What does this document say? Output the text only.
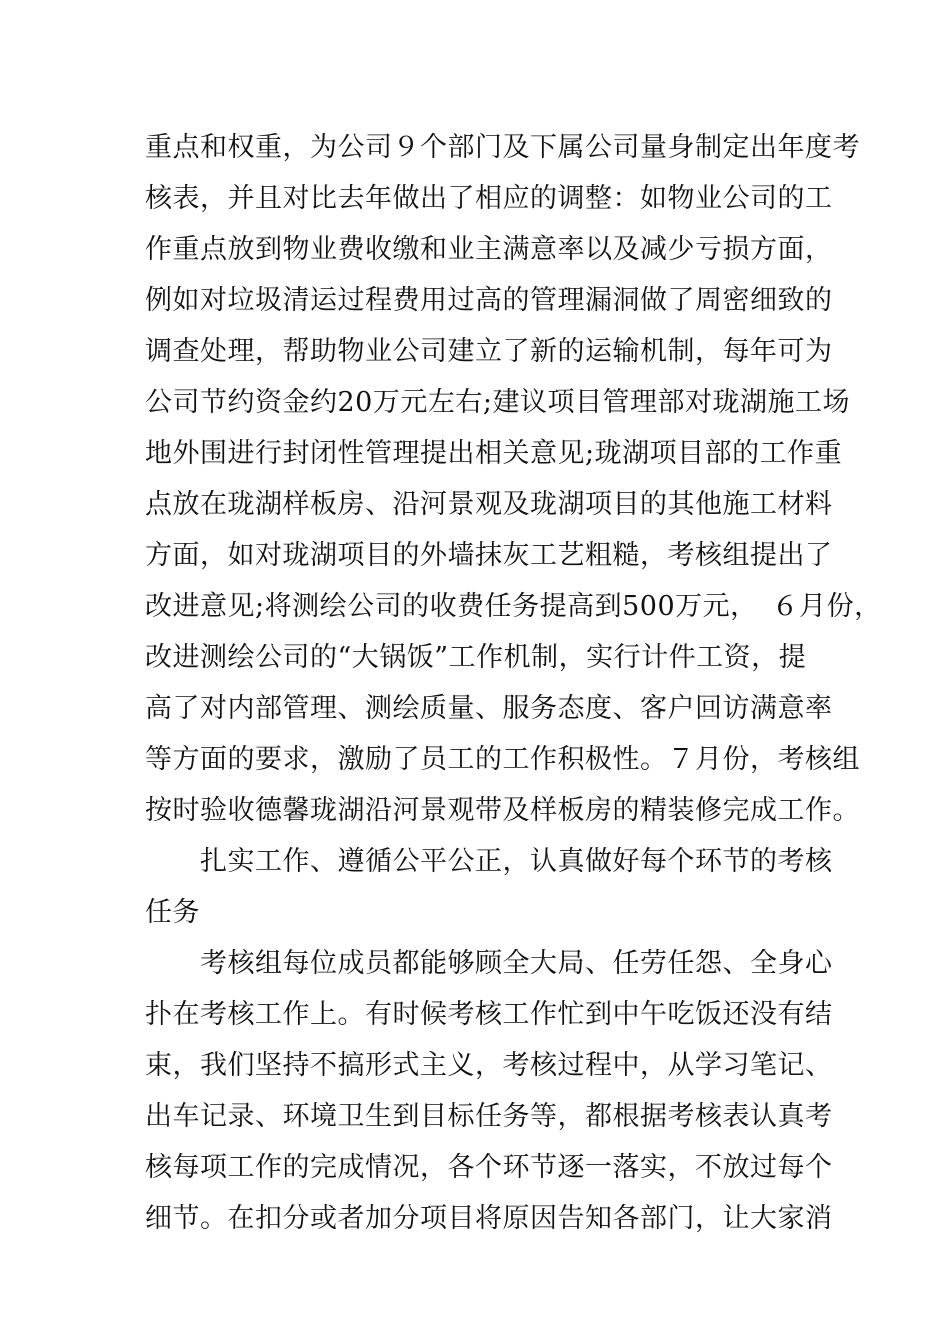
重点和权重，为公司９个部门及下属公司量身制定出年度考
核表，并且对比去年做出了相应的调整：如物业公司的工
作重点放到物业费收缴和业主满意率以及减少亏损方面，
例如对垃圾清运过程费用过高的管理漏洞做了周密细致的
调查处理，帮助物业公司建立了新的运输机制，每年可为
公司节约资金约20万元左右;建议项目管理部对珑湖施工场
地外围进行封闭性管理提出相关意见;珑湖项目部的工作重
点放在珑湖样板房、沿河景观及珑湖项目的其他施工材料
方面，如对珑湖项目的外墙抹灰工艺粗糙，考核组提出了
改进意见;将测绘公司的收费任务提高到500万元，　６月份，
改进测绘公司的“大锅饭”工作机制，实行计件工资，提
高了对内部管理、测绘质量、服务态度、客户回访满意率
等方面的要求，激励了员工的工作积极性。７月份，考核组
按时验收德馨珑湖沿河景观带及样板房的精装修完成工作。
扎实工作、遵循公平公正，认真做好每个环节的考核
任务
考核组每位成员都能够顾全大局、任劳任怨、全身心
扑在考核工作上。有时候考核工作忙到中午吃饭还没有结
束，我们坚持不搞形式主义，考核过程中，从学习笔记、
出车记录、环境卫生到目标任务等，都根据考核表认真考
核每项工作的完成情况，各个环节逐一落实，不放过每个
细节。在扣分或者加分项目将原因告知各部门，让大家消
